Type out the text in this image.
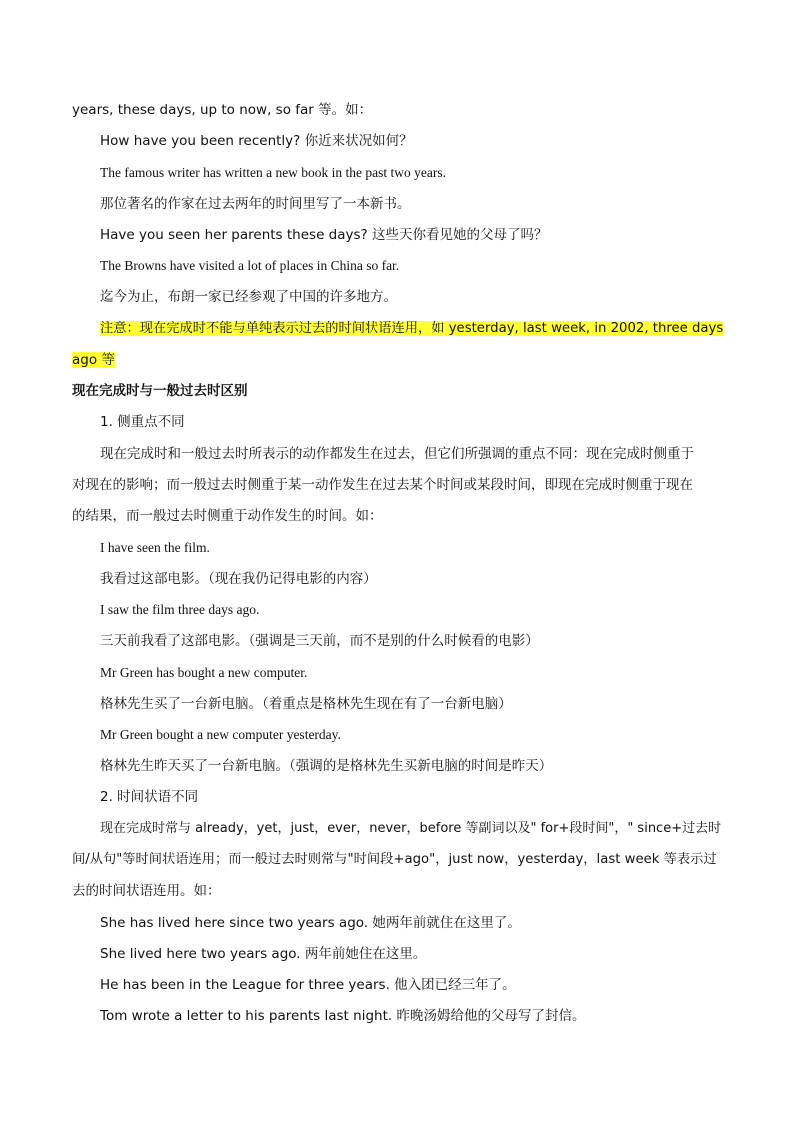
years, these days, up to now, so far 等。如：
How have you been recently? 你近来状况如何？
The famous writer has written a new book in the past two years.
那位著名的作家在过去两年的时间里写了一本新书。
Have you seen her parents these days? 这些天你看见她的父母了吗？
The Browns have visited a lot of places in China so far.
迄今为止，布朗一家已经参观了中国的许多地方。
注意：现在完成时不能与单纯表示过去的时间状语连用，如 yesterday, last week, in 2002, three days
ago 等
现在完成时与一般过去时区别
1. 侧重点不同
现在完成时和一般过去时所表示的动作都发生在过去，但它们所强调的重点不同：现在完成时侧重于
对现在的影响；而一般过去时侧重于某一动作发生在过去某个时间或某段时间，即现在完成时侧重于现在
的结果，而一般过去时侧重于动作发生的时间。如：
I have seen the film.
我看过这部电影。（现在我仍记得电影的内容）
I saw the film three days ago.
三天前我看了这部电影。（强调是三天前，而不是别的什么时候看的电影）
Mr Green has bought a new computer.
格林先生买了一台新电脑。（着重点是格林先生现在有了一台新电脑）
Mr Green bought a new computer yesterday.
格林先生昨天买了一台新电脑。（强调的是格林先生买新电脑的时间是昨天）
2. 时间状语不同
现在完成时常与 already，yet，just，ever，never，before 等副词以及" for+段时间"，" since+过去时
间/从句"等时间状语连用；而一般过去时则常与"时间段+ago"，just now，yesterday，last week 等表示过
去的时间状语连用。如：
She has lived here since two years ago. 她两年前就住在这里了。
She lived here two years ago. 两年前她住在这里。
He has been in the League for three years. 他入团已经三年了。
Tom wrote a letter to his parents last night. 昨晚汤姆给他的父母写了封信。
